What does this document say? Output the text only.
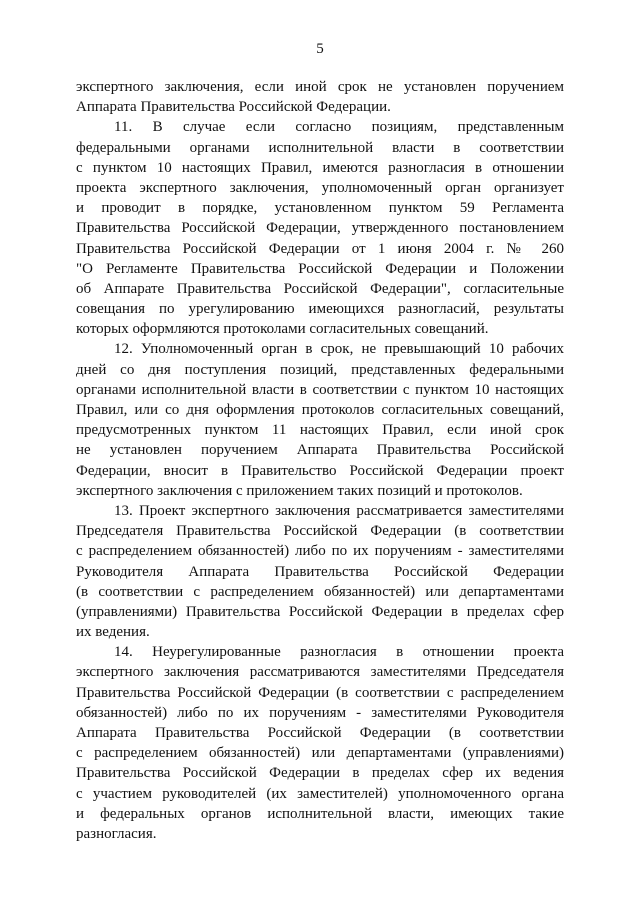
5
экспертного заключения, если иной срок не установлен поручением
Аппарата Правительства Российской Федерации.
11. В случае если согласно позициям, представленным
федеральными органами исполнительной власти в соответствии
с пунктом 10 настоящих Правил, имеются разногласия в отношении
проекта экспертного заключения, уполномоченный орган организует
и проводит в порядке, установленном пунктом 59 Регламента
Правительства Российской Федерации, утвержденного постановлением
Правительства Российской Федерации от 1 июня 2004 г. № 260
"О Регламенте Правительства Российской Федерации и Положении
об Аппарате Правительства Российской Федерации", согласительные
совещания по урегулированию имеющихся разногласий, результаты
которых оформляются протоколами согласительных совещаний.
12. Уполномоченный орган в срок, не превышающий 10 рабочих
дней со дня поступления позиций, представленных федеральными
органами исполнительной власти в соответствии с пунктом 10 настоящих
Правил, или со дня оформления протоколов согласительных совещаний,
предусмотренных пунктом 11 настоящих Правил, если иной срок
не установлен поручением Аппарата Правительства Российской
Федерации, вносит в Правительство Российской Федерации проект
экспертного заключения с приложением таких позиций и протоколов.
13. Проект экспертного заключения рассматривается заместителями
Председателя Правительства Российской Федерации (в соответствии
с распределением обязанностей) либо по их поручениям - заместителями
Руководителя Аппарата Правительства Российской Федерации
(в соответствии с распределением обязанностей) или департаментами
(управлениями) Правительства Российской Федерации в пределах сфер
их ведения.
14. Неурегулированные разногласия в отношении проекта
экспертного заключения рассматриваются заместителями Председателя
Правительства Российской Федерации (в соответствии с распределением
обязанностей) либо по их поручениям - заместителями Руководителя
Аппарата Правительства Российской Федерации (в соответствии
с распределением обязанностей) или департаментами (управлениями)
Правительства Российской Федерации в пределах сфер их ведения
с участием руководителей (их заместителей) уполномоченного органа
и федеральных органов исполнительной власти, имеющих такие
разногласия.
